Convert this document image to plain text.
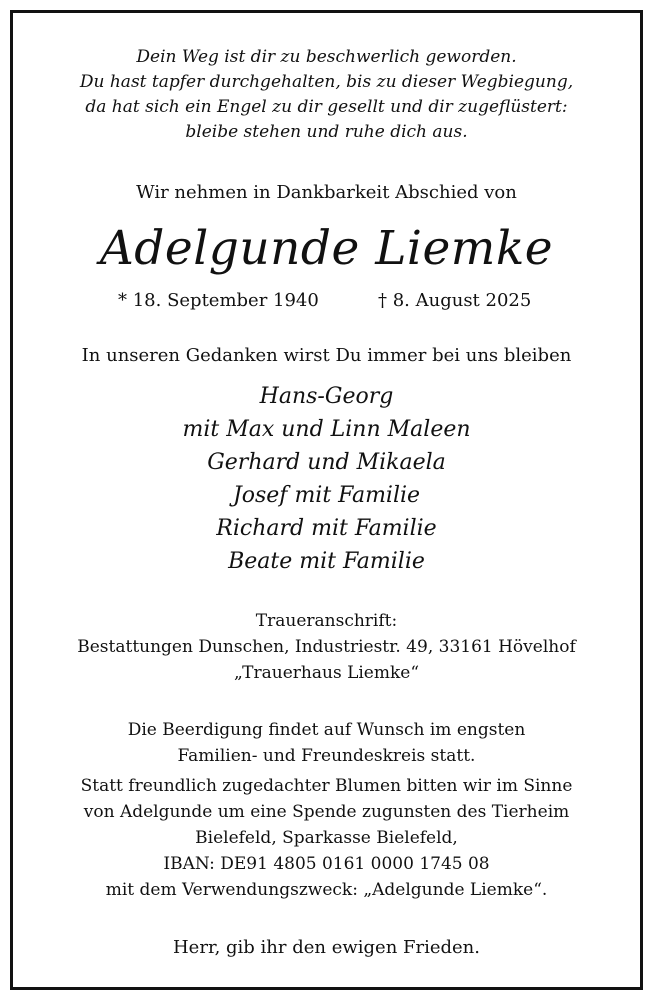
Dein Weg ist dir zu beschwerlich geworden.
Du hast tapfer durchgehalten, bis zu dieser Wegbiegung,
da hat sich ein Engel zu dir gesellt und dir zugeflüstert:
bleibe stehen und ruhe dich aus.
Wir nehmen in Dankbarkeit Abschied von
Adelgunde Liemke
* 18. September 1940	† 8. August 2025
In unseren Gedanken wirst Du immer bei uns bleiben
Hans-Georg
mit Max und Linn Maleen
Gerhard und Mikaela
Josef mit Familie
Richard mit Familie
Beate mit Familie
Traueranschrift:
Bestattungen Dunschen, Industriestr. 49, 33161 Hövelhof
„Trauerhaus Liemke“
Die Beerdigung findet auf Wunsch im engsten
Familien- und Freundeskreis statt.
Statt freundlich zugedachter Blumen bitten wir im Sinne
von Adelgunde um eine Spende zugunsten des Tierheim
Bielefeld, Sparkasse Bielefeld,
IBAN: DE91 4805 0161 0000 1745 08
mit dem Verwendungszweck: „Adelgunde Liemke“.
Herr, gib ihr den ewigen Frieden.
